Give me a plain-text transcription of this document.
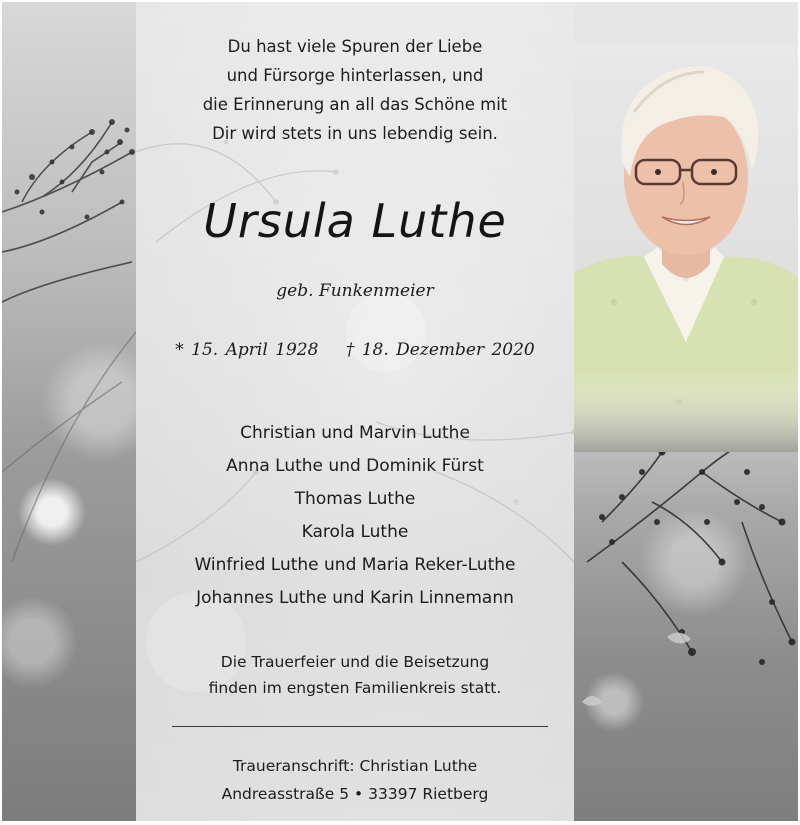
Du hast viele Spuren der Liebe
und Fürsorge hinterlassen, und
die Erinnerung an all das Schöne mit
Dir wird stets in uns lebendig sein.
Ursula Luthe
geb. Funkenmeier
* 15. April 1928 † 18. Dezember 2020
Christian und Marvin Luthe
Anna Luthe und Dominik Fürst
Thomas Luthe
Karola Luthe
Winfried Luthe und Maria Reker-Luthe
Johannes Luthe und Karin Linnemann
Die Trauerfeier und die Beisetzung
finden im engsten Familienkreis statt.
Traueranschrift: Christian Luthe
Andreasstraße 5 • 33397 Rietberg
